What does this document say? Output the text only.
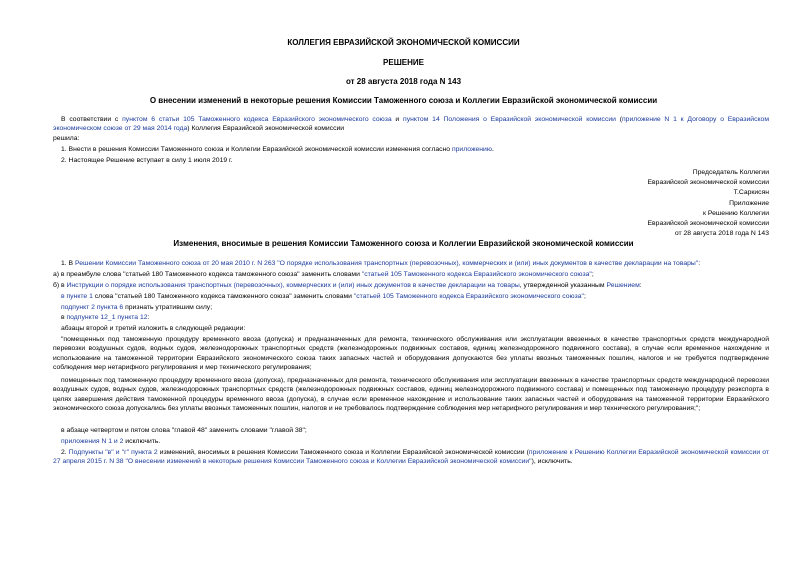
КОЛЛЕГИЯ ЕВРАЗИЙСКОЙ ЭКОНОМИЧЕСКОЙ КОМИССИИ
РЕШЕНИЕ
от 28 августа 2018 года N 143
О внесении изменений в некоторые решения Комиссии Таможенного союза и Коллегии Евразийской экономической комиссии
В соответствии с пунктом 6 статьи 105 Таможенного кодекса Евразийского экономического союза и пунктом 14 Положения о Евразийской экономической комиссии (приложение N 1 к Договору о Евразийском экономическом союзе от 29 мая 2014 года) Коллегия Евразийской экономической комиссии
решила:
1. Внести в решения Комиссии Таможенного союза и Коллегии Евразийской экономической комиссии изменения согласно приложению.
2. Настоящее Решение вступает в силу 1 июля 2019 г.
Председатель Коллегии
Евразийской экономической комиссии
Т.Саркисян
Приложение
к Решению Коллегии
Евразийской экономической комиссии
от 28 августа 2018 года N 143
Изменения, вносимые в решения Комиссии Таможенного союза и Коллегии Евразийской экономической комиссии
1. В Решении Комиссии Таможенного союза от 20 мая 2010 г. N 263 "О порядке использования транспортных (перевозочных), коммерческих и (или) иных документов в качестве декларации на товары":
а) в преамбуле слова "статьей 180 Таможенного кодекса таможенного союза" заменить словами "статьей 105 Таможенного кодекса Евразийского экономического союза";
б) в Инструкции о порядке использования транспортных (перевозочных), коммерческих и (или) иных документов в качестве декларации на товары, утвержденной указанным Решением:
в пункте 1 слова "статьей 180 Таможенного кодекса таможенного союза" заменить словами "статьей 105 Таможенного кодекса Евразийского экономического союза";
подпункт 2 пункта 6 признать утратившим силу;
в подпункте 12_1 пункта 12:
абзацы второй и третий изложить в следующей редакции:
"помещенных под таможенную процедуру временного ввоза (допуска) и предназначенных для ремонта, технического обслуживания или эксплуатации ввезенных в качестве транспортных средств международной перевозки воздушных судов, водных судов, железнодорожных транспортных средств (железнодорожных подвижных составов, единиц железнодорожного подвижного состава), в случае если временное нахождение и использование на таможенной территории Евразийского экономического союза таких запасных частей и оборудования допускаются без уплаты ввозных таможенных пошлин, налогов и не требуется подтверждение соблюдения мер нетарифного регулирования и мер технического регулирования;
помещенных под таможенную процедуру временного ввоза (допуска), предназначенных для ремонта, технического обслуживания или эксплуатации ввезенных в качестве транспортных средств международной перевозки воздушных судов, водных судов, железнодорожных транспортных средств (железнодорожных подвижных составов, единиц железнодорожного подвижного состава) и помещенных под таможенную процедуру реэкспорта в целях завершения действия таможенной процедуры временного ввоза (допуска), в случае если временное нахождение и использование таких запасных частей и оборудования на таможенной территории Евразийского экономического союза допускались без уплаты ввозных таможенных пошлин, налогов и не требовалось подтверждение соблюдения мер нетарифного регулирования и мер технического регулирования;";
в абзаце четвертом и пятом слова "главой 48" заменить словами "главой 38";
приложения N 1 и 2 исключить.
2. Подпункты "в" и "г" пункта 2 изменений, вносимых в решения Комиссии Таможенного союза и Коллегии Евразийской экономической комиссии (приложение к Решению Коллегии Евразийской экономической комиссии от 27 апреля 2015 г. N 38 "О внесении изменений в некоторые решения Комиссии Таможенного союза и Коллегии Евразийской экономической комиссии"), исключить.
